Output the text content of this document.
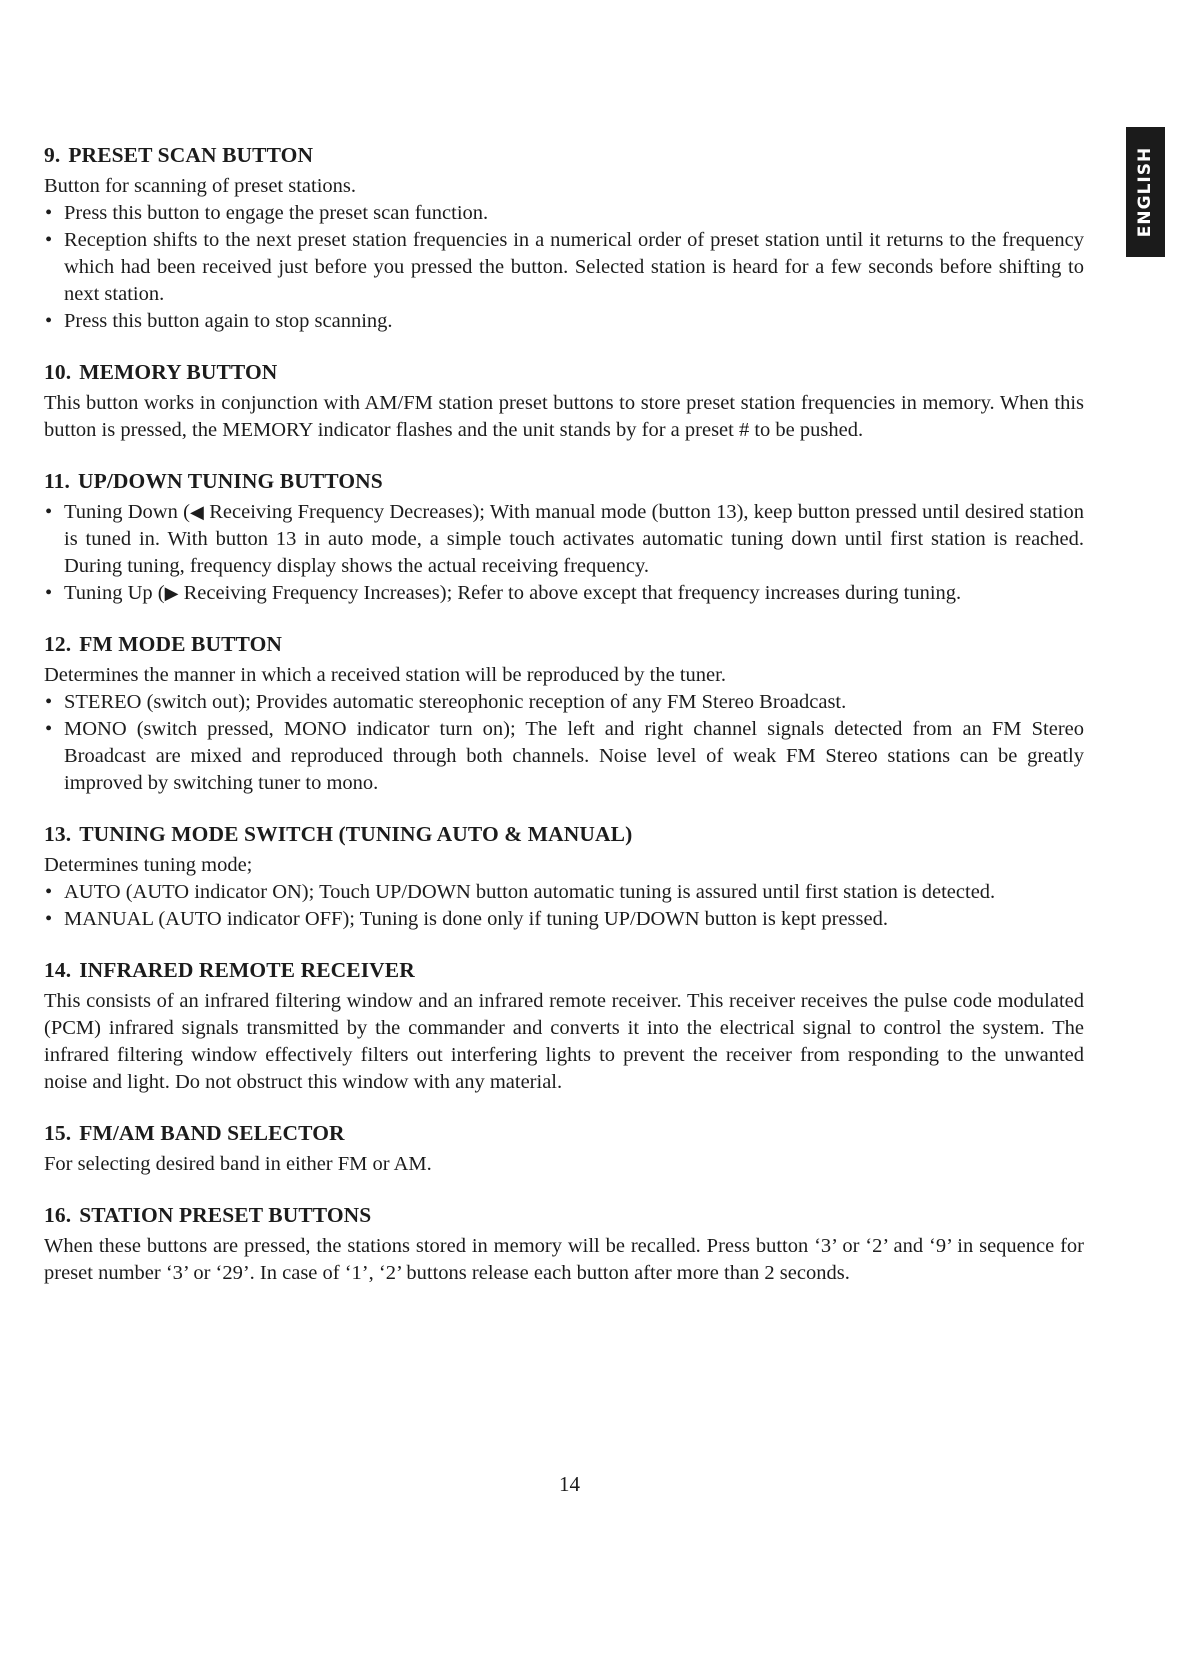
ENGLISH
9. PRESET SCAN BUTTON

Button for scanning of preset stations.

• Press this button to engage the preset scan function.
• Reception shifts to the next preset station frequencies in a numerical order of preset station until it returns to the frequency which had been received just before you pressed the button. Selected station is heard for a few seconds before shifting to next station.
• Press this button again to stop scanning.
10. MEMORY BUTTON

This button works in conjunction with AM/FM station preset buttons to store preset station frequencies in memory. When this button is pressed, the MEMORY indicator flashes and the unit stands by for a preset # to be pushed.

11. UP/DOWN TUNING BUTTONS
• Tuning Down (◀ Receiving Frequency Decreases); With manual mode (button 13), keep button pressed until desired station is tuned in. With button 13 in auto mode, a simple touch activates automatic tuning down until first station is reached. During tuning, frequency display shows the actual receiving frequency.
• Tuning Up (▶ Receiving Frequency Increases); Refer to above except that frequency increases during tuning.
12. FM MODE BUTTON

Determines the manner in which a received station will be reproduced by the tuner.

• STEREO (switch out); Provides automatic stereophonic reception of any FM Stereo Broadcast.
• MONO (switch pressed, MONO indicator turn on); The left and right channel signals detected from an FM Stereo Broadcast are mixed and reproduced through both channels. Noise level of weak FM Stereo stations can be greatly improved by switching tuner to mono.
13. TUNING MODE SWITCH (TUNING AUTO & MANUAL)

Determines tuning mode;

• AUTO (AUTO indicator ON); Touch UP/DOWN button automatic tuning is assured until first station is detected.
• MANUAL (AUTO indicator OFF); Tuning is done only if tuning UP/DOWN button is kept pressed.
14. INFRARED REMOTE RECEIVER

This consists of an infrared filtering window and an infrared remote receiver. This receiver receives the pulse code modulated (PCM) infrared signals transmitted by the commander and converts it into the electrical signal to control the system. The infrared filtering window effectively filters out interfering lights to prevent the receiver from responding to the unwanted noise and light. Do not obstruct this window with any material.

15. FM/AM BAND SELECTOR

For selecting desired band in either FM or AM.

16. STATION PRESET BUTTONS

When these buttons are pressed, the stations stored in memory will be recalled. Press button ‘3’ or ‘2’ and ‘9’ in sequence for preset number ‘3’ or ‘29’. In case of ‘1’, ‘2’ buttons release each button after more than 2 seconds.

14
